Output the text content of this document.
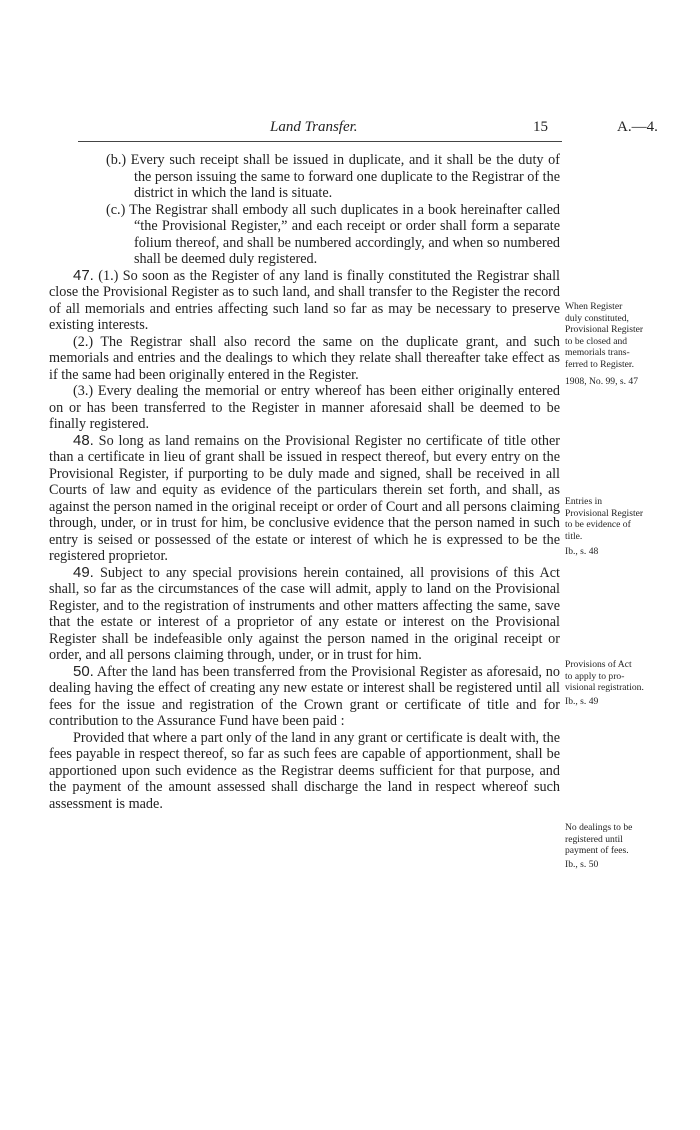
Land Transfer.	15	A.—4.

(b.) Every such receipt shall be issued in duplicate, and it shall be the duty of the person issuing the same to forward one duplicate to the Registrar of the district in which the land is situate.

(c.) The Registrar shall embody all such duplicates in a book hereinafter called “the Provisional Register,” and each receipt or order shall form a separate folium thereof, and shall be numbered accordingly, and when so numbered shall be deemed duly registered.

47. (1.) So soon as the Register of any land is finally constituted the Registrar shall close the Provisional Register as to such land, and shall transfer to the Register the record of all memorials and entries affecting such land so far as may be necessary to preserve existing interests.

(2.) The Registrar shall also record the same on the duplicate grant, and such memorials and entries and the dealings to which they relate shall thereafter take effect as if the same had been originally entered in the Register.

(3.) Every dealing the memorial or entry whereof has been either originally entered on or has been transferred to the Register in manner aforesaid shall be deemed to be finally registered.

48. So long as land remains on the Provisional Register no certificate of title other than a certificate in lieu of grant shall be issued in respect thereof, but every entry on the Provisional Register, if purporting to be duly made and signed, shall be received in all Courts of law and equity as evidence of the particulars therein set forth, and shall, as against the person named in the original receipt or order of Court and all persons claiming through, under, or in trust for him, be conclusive evidence that the person named in such entry is seised or possessed of the estate or interest of which he is expressed to be the registered proprietor.

49. Subject to any special provisions herein contained, all provisions of this Act shall, so far as the circumstances of the case will admit, apply to land on the Provisional Register, and to the registration of instruments and other matters affecting the same, save that the estate or interest of a proprietor of any estate or interest on the Provisional Register shall be indefeasible only against the person named in the original receipt or order, and all persons claiming through, under, or in trust for him.

50. After the land has been transferred from the Provisional Register as aforesaid, no dealing having the effect of creating any new estate or interest shall be registered until all fees for the issue and registration of the Crown grant or certificate of title and for contribution to the Assurance Fund have been paid :

Provided that where a part only of the land in any grant or certificate is dealt with, the fees payable in respect thereof, so far as such fees are capable of apportionment, shall be apportioned upon such evidence as the Registrar deems sufficient for that purpose, and the payment of the amount assessed shall discharge the land in respect whereof such assessment is made.

When Register
duly constituted,
Provisional Register
to be closed and
memorials trans-
ferred to Register.
1908, No. 99, s. 47
Entries in
Provisional Register
to be evidence of
title.
Ib., s. 48
Provisions of Act
to apply to pro-
visional registration.
Ib., s. 49
No dealings to be
registered until
payment of fees.
Ib., s. 50
